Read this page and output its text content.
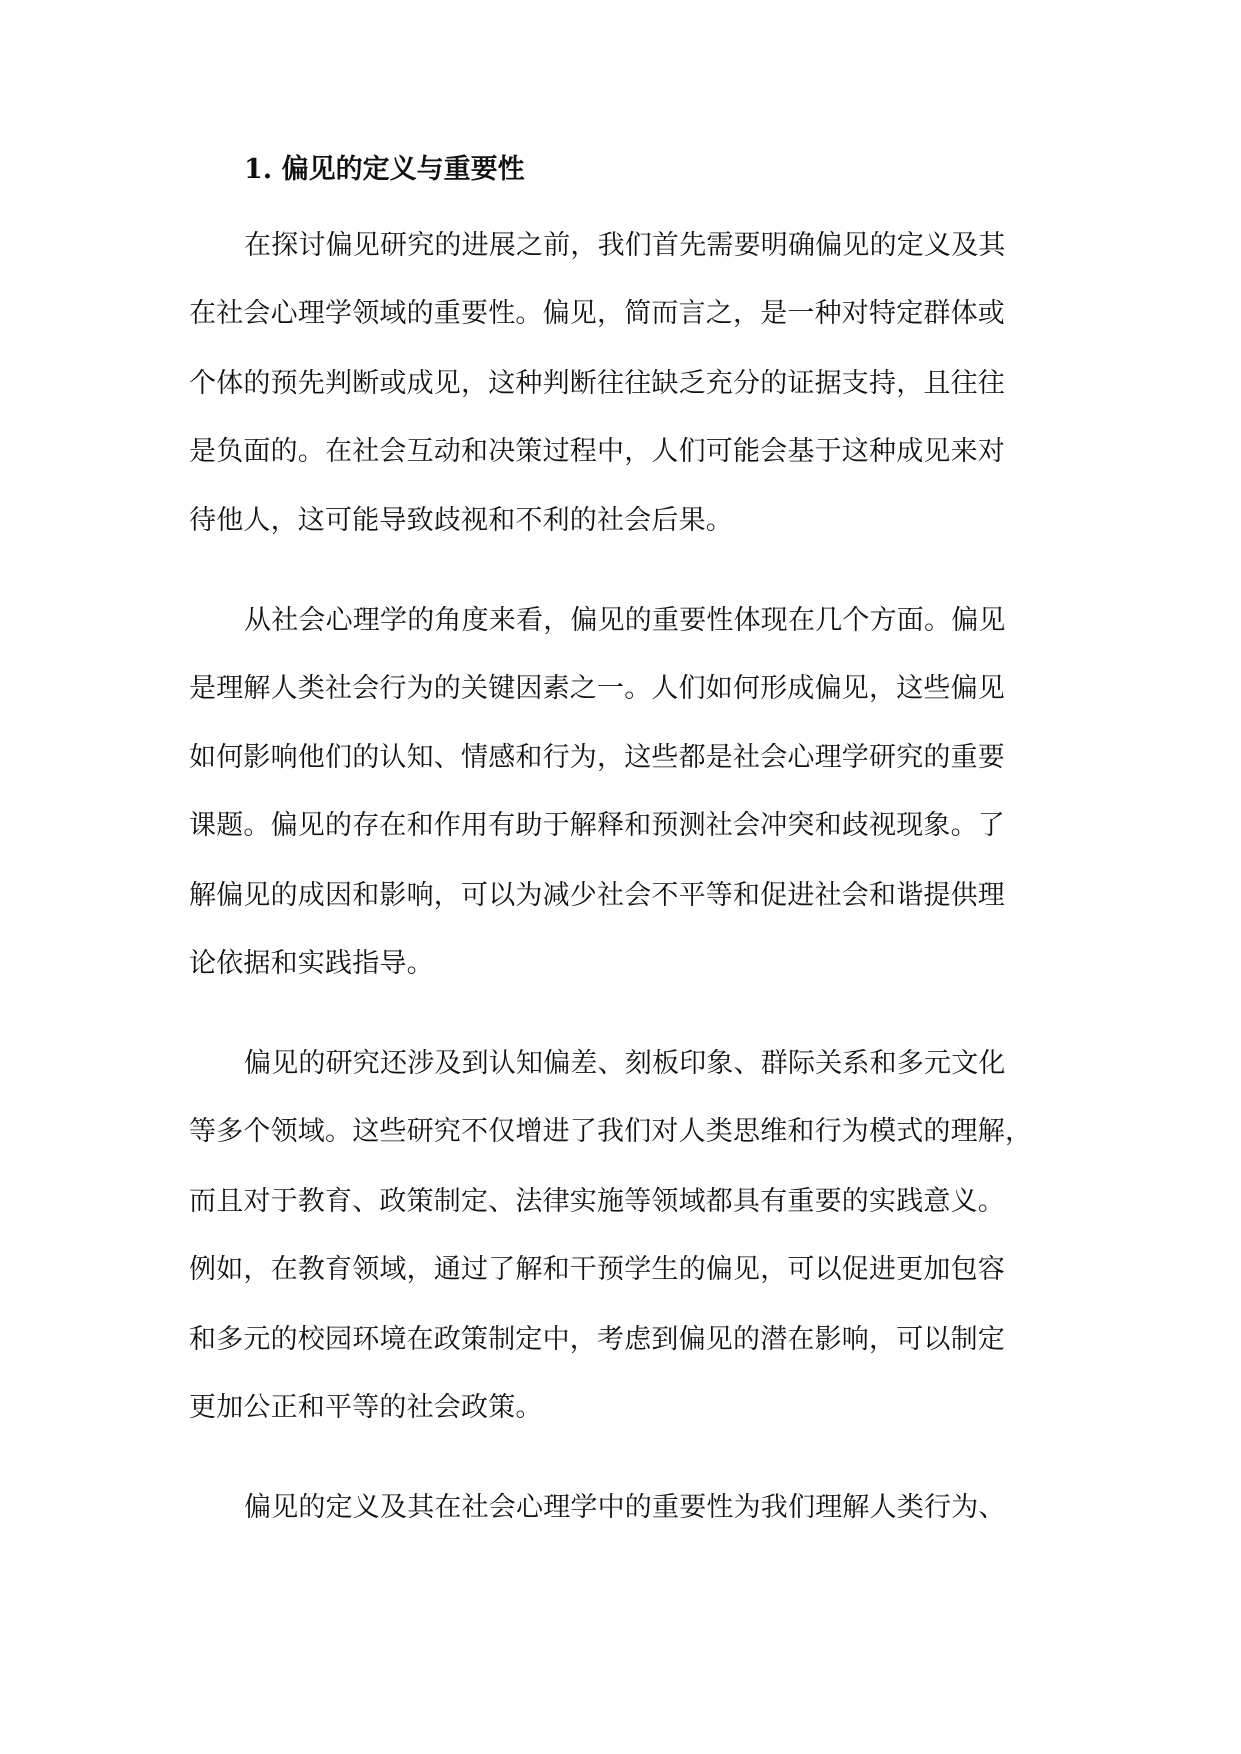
1. 偏见的定义与重要性

在探讨偏见研究的进展之前，我们首先需要明确偏见的定义及其

在社会心理学领域的重要性。偏见，简而言之，是一种对特定群体或

个体的预先判断或成见，这种判断往往缺乏充分的证据支持，且往往

是负面的。在社会互动和决策过程中，人们可能会基于这种成见来对

待他人，这可能导致歧视和不利的社会后果。

从社会心理学的角度来看，偏见的重要性体现在几个方面。偏见

是理解人类社会行为的关键因素之一。人们如何形成偏见，这些偏见

如何影响他们的认知、情感和行为，这些都是社会心理学研究的重要

课题。偏见的存在和作用有助于解释和预测社会冲突和歧视现象。了

解偏见的成因和影响，可以为减少社会不平等和促进社会和谐提供理

论依据和实践指导。

偏见的研究还涉及到认知偏差、刻板印象、群际关系和多元文化

等多个领域。这些研究不仅增进了我们对人类思维和行为模式的理解，

而且对于教育、政策制定、法律实施等领域都具有重要的实践意义。

例如，在教育领域，通过了解和干预学生的偏见，可以促进更加包容

和多元的校园环境在政策制定中，考虑到偏见的潜在影响，可以制定

更加公正和平等的社会政策。

偏见的定义及其在社会心理学中的重要性为我们理解人类行为、
